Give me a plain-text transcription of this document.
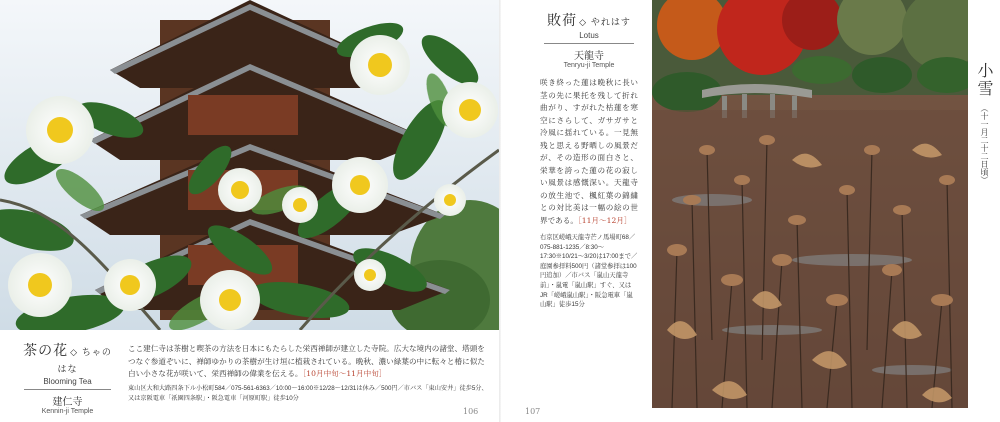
茶の花 ◇ ちゃのはな
Blooming Tea
建仁寺
Kennin-ji Temple
ここ建仁寺は茶樹と喫茶の方法を日本にもたらした栄西禅師が建立した寺院。広大な境内の諸堂、塔頭をつなぐ参道ぞいに、禅師ゆかりの茶樹が生け垣に植栽されている。晩秋、濃い緑葉の中に転々と椿に似た白い小さな花が咲いて、栄西禅師の偉業を伝える。［10月中旬〜11月中旬］
東山区大和大路四条下ル小松町584／075-561-6363／10:00〜16:00※12/28〜12/31は休み／500円／市バス「東山安井」徒歩5分、又は京阪電車「祇園四条駅」・阪急電車「河原町駅」徒歩10分
106
敗荷 ◇ やれはす
Lotus
天龍寺
Tenryu-ji Temple
咲き終った蓮は晩秋に長い茎の先に果托を残して折れ曲がり、すがれた枯蓮を寒空にさらして、ガサガサと冷風に揺れている。一見無残と思える野晒しの風景だが、その造形の面白さと、栄華を誇った蓮の花の寂しい風景は感慨深い。天龍寺の放生池で、楓紅葉の錦繍との対比美は一幅の絵の世界である。［11月〜12月］
右京区嵯峨天龍寺芒ノ馬場町68／075-881-1235／8:30〜17:30※10/21〜3/20は17:00まで／庭園参拝料500円（諸堂参拝は100円追加）／市バス「嵐山天龍寺前」・嵐電「嵐山駅」すぐ、又はJR「嵯峨嵐山駅」・阪急電車「嵐山駅」徒歩15分
107
小雪（十一月二十二日頃）
